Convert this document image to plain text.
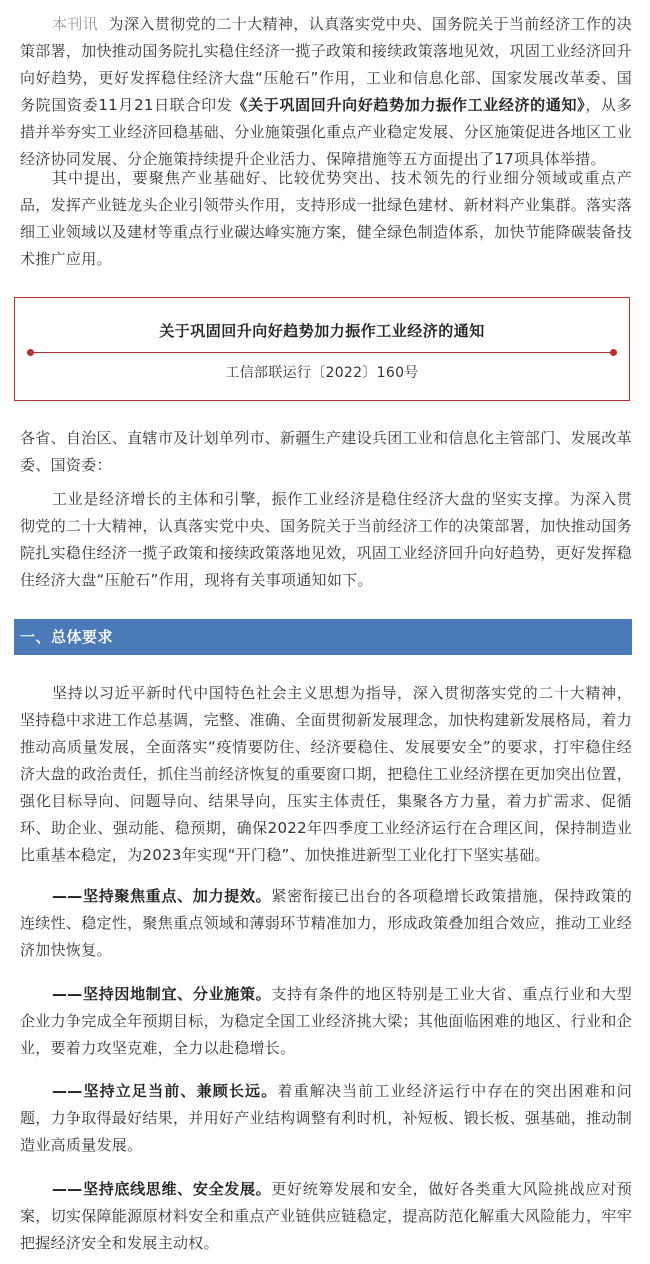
本刊讯 为深入贯彻党的二十大精神，认真落实党中央、国务院关于当前经济工作的决策部署，加快推动国务院扎实稳住经济一揽子政策和接续政策落地见效，巩固工业经济回升向好趋势，更好发挥稳住经济大盘“压舱石”作用，工业和信息化部、国家发展改革委、国务院国资委11月21日联合印发《关于巩固回升向好趋势加力振作工业经济的通知》，从多措并举夯实工业经济回稳基础、分业施策强化重点产业稳定发展、分区施策促进各地区工业经济协同发展、分企施策持续提升企业活力、保障措施等五方面提出了17项具体举措。

其中提出，要聚焦产业基础好、比较优势突出、技术领先的行业细分领域或重点产品，发挥产业链龙头企业引领带头作用，支持形成一批绿色建材、新材料产业集群。落实落细工业领域以及建材等重点行业碳达峰实施方案，健全绿色制造体系，加快节能降碳装备技术推广应用。

关于巩固回升向好趋势加力振作工业经济的通知
工信部联运行〔2022〕160号

各省、自治区、直辖市及计划单列市、新疆生产建设兵团工业和信息化主管部门、发展改革委、国资委：

工业是经济增长的主体和引擎，振作工业经济是稳住经济大盘的坚实支撑。为深入贯彻党的二十大精神，认真落实党中央、国务院关于当前经济工作的决策部署，加快推动国务院扎实稳住经济一揽子政策和接续政策落地见效，巩固工业经济回升向好趋势，更好发挥稳住经济大盘“压舱石”作用，现将有关事项通知如下。

一、总体要求

坚持以习近平新时代中国特色社会主义思想为指导，深入贯彻落实党的二十大精神，坚持稳中求进工作总基调，完整、准确、全面贯彻新发展理念，加快构建新发展格局，着力推动高质量发展，全面落实“疫情要防住、经济要稳住、发展要安全”的要求，打牢稳住经济大盘的政治责任，抓住当前经济恢复的重要窗口期，把稳住工业经济摆在更加突出位置，强化目标导向、问题导向、结果导向，压实主体责任，集聚各方力量，着力扩需求、促循环、助企业、强动能、稳预期，确保2022年四季度工业经济运行在合理区间，保持制造业比重基本稳定，为2023年实现“开门稳”、加快推进新型工业化打下坚实基础。

——坚持聚焦重点、加力提效。紧密衔接已出台的各项稳增长政策措施，保持政策的连续性、稳定性，聚焦重点领域和薄弱环节精准加力，形成政策叠加组合效应，推动工业经济加快恢复。

——坚持因地制宜、分业施策。支持有条件的地区特别是工业大省、重点行业和大型企业力争完成全年预期目标，为稳定全国工业经济挑大梁；其他面临困难的地区、行业和企业，要着力攻坚克难，全力以赴稳增长。

——坚持立足当前、兼顾长远。着重解决当前工业经济运行中存在的突出困难和问题，力争取得最好结果，并用好产业结构调整有利时机，补短板、锻长板、强基础，推动制造业高质量发展。

——坚持底线思维、安全发展。更好统筹发展和安全，做好各类重大风险挑战应对预案，切实保障能源原材料安全和重点产业链供应链稳定，提高防范化解重大风险能力，牢牢把握经济安全和发展主动权。
